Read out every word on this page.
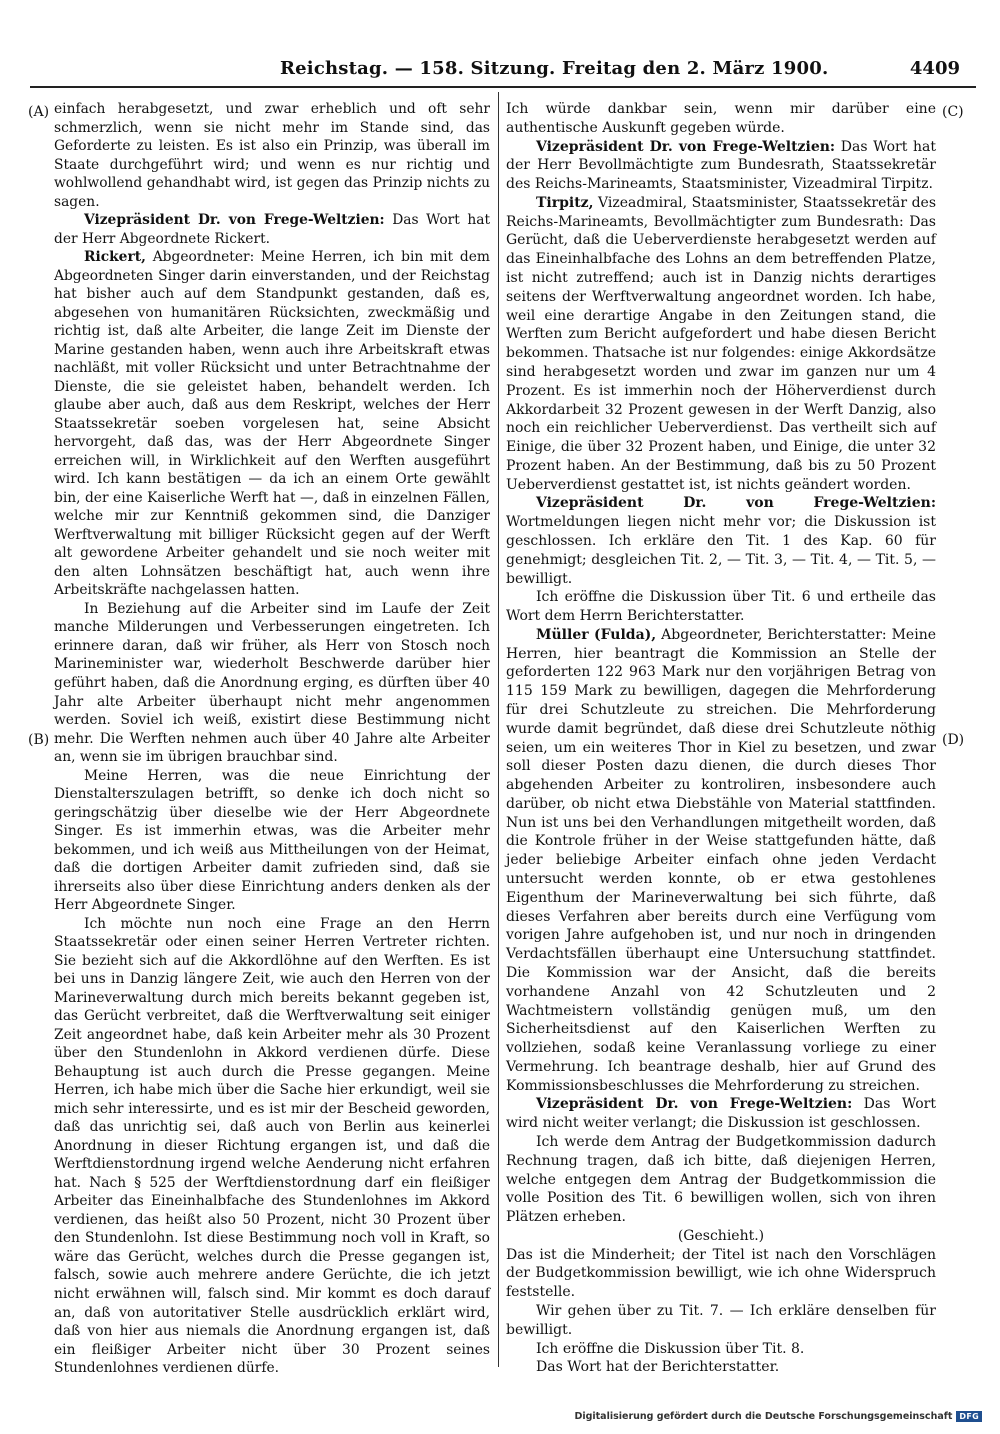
Reichstag. — 158. Sitzung. Freitag den 2. März 1900.	4409
(A)
(B)
(C)
(D)

einfach herabgesetzt, und zwar erheblich und oft sehr schmerzlich, wenn sie nicht mehr im Stande sind, das Geforderte zu leisten. Es ist also ein Prinzip, was überall im Staate durchgeführt wird; und wenn es nur richtig und wohlwollend gehandhabt wird, ist gegen das Prinzip nichts zu sagen.

Vizepräsident Dr. von Frege-Weltzien: Das Wort hat der Herr Abgeordnete Rickert.

Rickert, Abgeordneter: Meine Herren, ich bin mit dem Abgeordneten Singer darin einverstanden, und der Reichstag hat bisher auch auf dem Standpunkt gestanden, daß es, abgesehen von humanitären Rücksichten, zweckmäßig und richtig ist, daß alte Arbeiter, die lange Zeit im Dienste der Marine gestanden haben, wenn auch ihre Arbeitskraft etwas nachläßt, mit voller Rücksicht und unter Betrachtnahme der Dienste, die sie geleistet haben, behandelt werden. Ich glaube aber auch, daß aus dem Reskript, welches der Herr Staatssekretär soeben vorgelesen hat, seine Absicht hervorgeht, daß das, was der Herr Abgeordnete Singer erreichen will, in Wirklichkeit auf den Werften ausgeführt wird. Ich kann bestätigen — da ich an einem Orte gewählt bin, der eine Kaiserliche Werft hat —, daß in einzelnen Fällen, welche mir zur Kenntniß gekommen sind, die Danziger Werftverwaltung mit billiger Rücksicht gegen auf der Werft alt gewordene Arbeiter gehandelt und sie noch weiter mit den alten Lohnsätzen beschäftigt hat, auch wenn ihre Arbeitskräfte nachgelassen hatten.

In Beziehung auf die Arbeiter sind im Laufe der Zeit manche Milderungen und Verbesserungen eingetreten. Ich erinnere daran, daß wir früher, als Herr von Stosch noch Marineminister war, wiederholt Beschwerde darüber hier geführt haben, daß die Anordnung erging, es dürften über 40 Jahr alte Arbeiter überhaupt nicht mehr angenommen werden. Soviel ich weiß, existirt diese Bestimmung nicht mehr. Die Werften nehmen auch über 40 Jahre alte Arbeiter an, wenn sie im übrigen brauchbar sind.

Meine Herren, was die neue Einrichtung der Dienstalterszulagen betrifft, so denke ich doch nicht so geringschätzig über dieselbe wie der Herr Abgeordnete Singer. Es ist immerhin etwas, was die Arbeiter mehr bekommen, und ich weiß aus Mittheilungen von der Heimat, daß die dortigen Arbeiter damit zufrieden sind, daß sie ihrerseits also über diese Einrichtung anders denken als der Herr Abgeordnete Singer.

Ich möchte nun noch eine Frage an den Herrn Staatssekretär oder einen seiner Herren Vertreter richten. Sie bezieht sich auf die Akkordlöhne auf den Werften. Es ist bei uns in Danzig längere Zeit, wie auch den Herren von der Marineverwaltung durch mich bereits bekannt gegeben ist, das Gerücht verbreitet, daß die Werftverwaltung seit einiger Zeit angeordnet habe, daß kein Arbeiter mehr als 30 Prozent über den Stundenlohn in Akkord verdienen dürfe. Diese Behauptung ist auch durch die Presse gegangen. Meine Herren, ich habe mich über die Sache hier erkundigt, weil sie mich sehr interessirte, und es ist mir der Bescheid geworden, daß das unrichtig sei, daß auch von Berlin aus keinerlei Anordnung in dieser Richtung ergangen ist, und daß die Werftdienstordnung irgend welche Aenderung nicht erfahren hat. Nach § 525 der Werftdienstordnung darf ein fleißiger Arbeiter das Eineinhalbfache des Stundenlohnes im Akkord verdienen, das heißt also 50 Prozent, nicht 30 Prozent über den Stundenlohn. Ist diese Bestimmung noch voll in Kraft, so wäre das Gerücht, welches durch die Presse gegangen ist, falsch, sowie auch mehrere andere Gerüchte, die ich jetzt nicht erwähnen will, falsch sind. Mir kommt es doch darauf an, daß von autoritativer Stelle ausdrücklich erklärt wird, daß von hier aus niemals die Anordnung ergangen ist, daß ein fleißiger Arbeiter nicht über 30 Prozent seines Stundenlohnes verdienen dürfe.

Ich würde dankbar sein, wenn mir darüber eine authentische Auskunft gegeben würde.

Vizepräsident Dr. von Frege-Weltzien: Das Wort hat der Herr Bevollmächtigte zum Bundesrath, Staatssekretär des Reichs-Marineamts, Staatsminister, Vizeadmiral Tirpitz.

Tirpitz, Vizeadmiral, Staatsminister, Staatssekretär des Reichs-Marineamts, Bevollmächtigter zum Bundesrath: Das Gerücht, daß die Ueberverdienste herabgesetzt werden auf das Eineinhalbfache des Lohns an dem betreffenden Platze, ist nicht zutreffend; auch ist in Danzig nichts derartiges seitens der Werftverwaltung angeordnet worden. Ich habe, weil eine derartige Angabe in den Zeitungen stand, die Werften zum Bericht aufgefordert und habe diesen Bericht bekommen. Thatsache ist nur folgendes: einige Akkordsätze sind herabgesetzt worden und zwar im ganzen nur um 4 Prozent. Es ist immerhin noch der Höherverdienst durch Akkordarbeit 32 Prozent gewesen in der Werft Danzig, also noch ein reichlicher Ueberverdienst. Das vertheilt sich auf Einige, die über 32 Prozent haben, und Einige, die unter 32 Prozent haben. An der Bestimmung, daß bis zu 50 Prozent Ueberverdienst gestattet ist, ist nichts geändert worden.

Vizepräsident Dr. von Frege-Weltzien: Wortmeldungen liegen nicht mehr vor; die Diskussion ist geschlossen. Ich erkläre den Tit. 1 des Kap. 60 für genehmigt; desgleichen Tit. 2, — Tit. 3, — Tit. 4, — Tit. 5, — bewilligt.

Ich eröffne die Diskussion über Tit. 6 und ertheile das Wort dem Herrn Berichterstatter.

Müller (Fulda), Abgeordneter, Berichterstatter: Meine Herren, hier beantragt die Kommission an Stelle der geforderten 122 963 Mark nur den vorjährigen Betrag von 115 159 Mark zu bewilligen, dagegen die Mehrforderung für drei Schutzleute zu streichen. Die Mehrforderung wurde damit begründet, daß diese drei Schutzleute nöthig seien, um ein weiteres Thor in Kiel zu besetzen, und zwar soll dieser Posten dazu dienen, die durch dieses Thor abgehenden Arbeiter zu kontroliren, insbesondere auch darüber, ob nicht etwa Diebstähle von Material stattfinden. Nun ist uns bei den Verhandlungen mitgetheilt worden, daß die Kontrole früher in der Weise stattgefunden hätte, daß jeder beliebige Arbeiter einfach ohne jeden Verdacht untersucht werden konnte, ob er etwa gestohlenes Eigenthum der Marineverwaltung bei sich führte, daß dieses Verfahren aber bereits durch eine Verfügung vom vorigen Jahre aufgehoben ist, und nur noch in dringenden Verdachtsfällen überhaupt eine Untersuchung stattfindet. Die Kommission war der Ansicht, daß die bereits vorhandene Anzahl von 42 Schutzleuten und 2 Wachtmeistern vollständig genügen muß, um den Sicherheitsdienst auf den Kaiserlichen Werften zu vollziehen, sodaß keine Veranlassung vorliege zu einer Vermehrung. Ich beantrage deshalb, hier auf Grund des Kommissionsbeschlusses die Mehrforderung zu streichen.

Vizepräsident Dr. von Frege-Weltzien: Das Wort wird nicht weiter verlangt; die Diskussion ist geschlossen.

Ich werde dem Antrag der Budgetkommission dadurch Rechnung tragen, daß ich bitte, daß diejenigen Herren, welche entgegen dem Antrag der Budgetkommission die volle Position des Tit. 6 bewilligen wollen, sich von ihren Plätzen erheben.

(Geschieht.)

Das ist die Minderheit; der Titel ist nach den Vorschlägen der Budgetkommission bewilligt, wie ich ohne Widerspruch feststelle.

Wir gehen über zu Tit. 7. — Ich erkläre denselben für bewilligt.

Ich eröffne die Diskussion über Tit. 8.

Das Wort hat der Berichterstatter.

Digitalisierung gefördert durch die Deutsche Forschungsgemeinschaft DFG
